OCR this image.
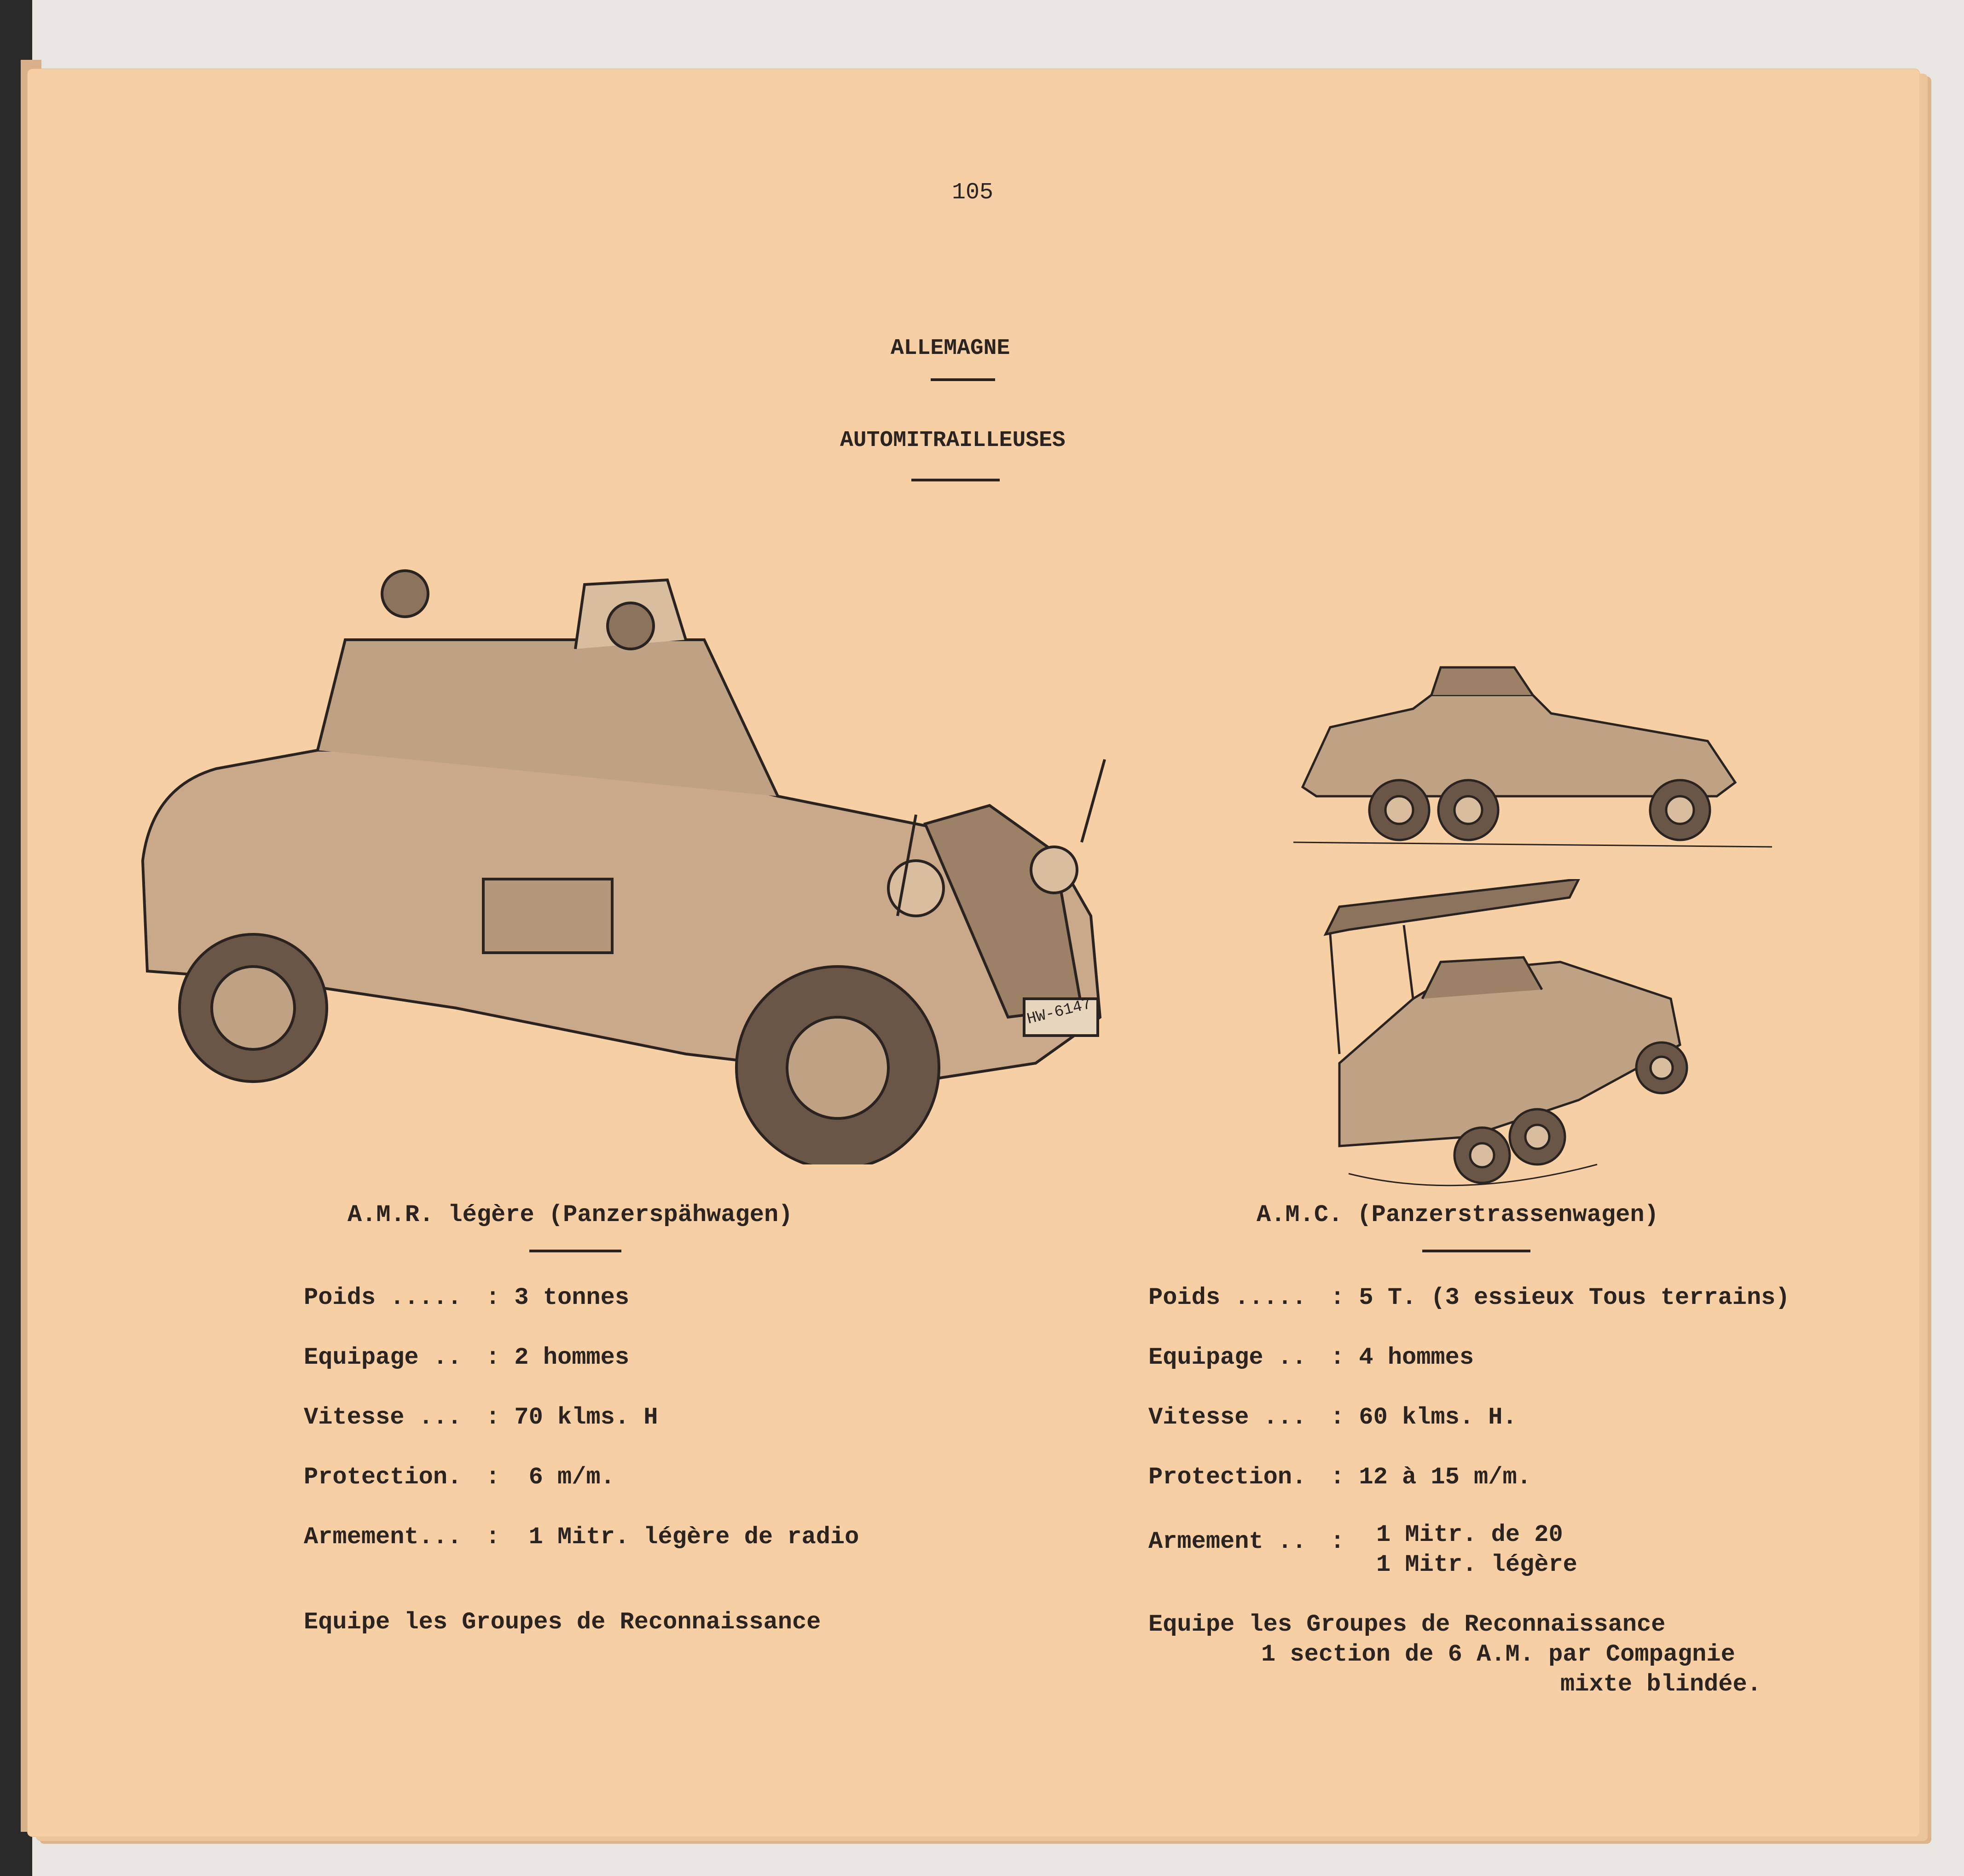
105
ALLEMAGNE
AUTOMITRAILLEUSES
HW-6147
A.M.R. légère (Panzerspähwagen)
Poids ..... : 3 tonnes
Equipage .. : 2 hommes
Vitesse ... : 70 klms. H
Protection. :  6 m/m.
Armement... :  1 Mitr. légère de radio
Equipe les Groupes de Reconnaissance
A.M.C. (Panzerstrassenwagen)
Poids ..... : 5 T. (3 essieux Tous terrains)
Equipage .. : 4 hommes
Vitesse ... : 60 klms. H.
Protection. : 12 à 15 m/m.
Armement .. : 1 Mitr. de 20
1 Mitr. légère
Equipe les Groupes de Reconnaissance
1 section de 6 A.M. par Compagnie
mixte blindée.
